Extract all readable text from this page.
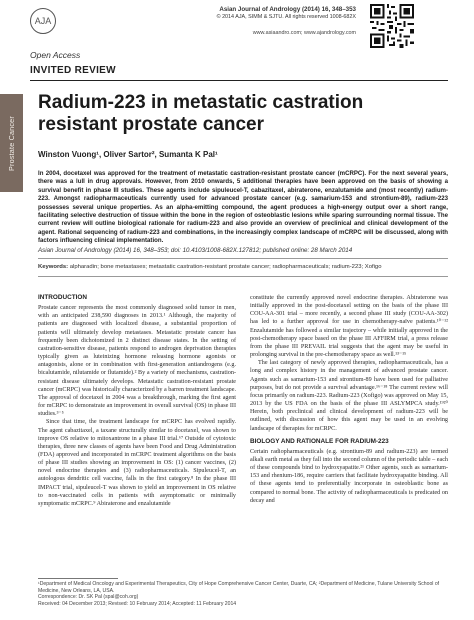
AJA
Asian Journal of Andrology (2014) 16, 348–353
© 2014 AJA, SIMM & SJTU. All rights reserved 1008-682X
www.asiaandro.com; www.ajandrology.com
Open Access
INVITED REVIEW
Prostate Cancer
Radium-223 in metastatic castration resistant prostate cancer
Winston Vuong¹, Oliver Sartor², Sumanta K Pal¹
In 2004, docetaxel was approved for the treatment of metastatic castration-resistant prostate cancer (mCRPC). For the next several years, there was a lull in drug approvals. However, from 2010 onwards, 5 additional therapies have been approved on the basis of showing a survival benefit in phase III studies. These agents include sipuleucel-T, cabazitaxel, abiraterone, enzalutamide and (most recently) radium-223. Amongst radiopharmaceuticals currently used for advanced prostate cancer (e.g. samarium-153 and strontium-89), radium-223 possesses several unique properties. As an alpha-emitting compound, the agent produces a high-energy output over a short range, facilitating selective destruction of tissue within the bone in the region of osteoblastic lesions while sparing surrounding normal tissue. The current review will outline biological rationale for radium-223 and also provide an overview of preclinical and clinical development of the agent. Rational sequencing of radium-223 and combinations, in the increasingly complex landscape of mCRPC will be discussed, along with factors influencing clinical implementation.
Asian Journal of Andrology (2014) 16, 348–353; doi: 10.4103/1008-682X.127812; published online: 28 March 2014
Keywords: alpharadin; bone metastases; metastatic castration-resistant prostate cancer; radiopharmaceuticals; radium-223; Xofigo
INTRODUCTION

Prostate cancer represents the most commonly diagnosed solid tumor in men, with an anticipated 238,590 diagnoses in 2013.¹ Although, the majority of patients are diagnosed with localized disease, a substantial proportion of patients will ultimately develop metastases. Metastatic prostate cancer has frequently been dichotomized in 2 distinct disease states. In the setting of castration-sensitive disease, patients respond to androgen deprivation therapies typically given as luteinizing hormone releasing hormone agonists or antagonists, alone or in combination with first-generation antiandrogens (e.g. bicalutamide, nilutamide or flutamide).² By a variety of mechanisms, castration-resistant disease ultimately develops. Metastatic castration-resistant prostate cancer (mCRPC) was historically characterized by a barren treatment landscape. The approval of docetaxel in 2004 was a breakthrough, marking the first agent for mCRPC to demonstrate an improvement in overall survival (OS) in phase III studies.³⁻⁵

Since that time, the treatment landscape for mCRPC has evolved rapidly. The agent cabazitaxel, a taxane structurally similar to docetaxel, was shown to improve OS relative to mitoxantrone in a phase III trial.⁶⁷ Outside of cytotoxic therapies, three new classes of agents have been Food and Drug Administration (FDA) approved and incorporated in mCRPC treatment algorithms on the basis of phase III studies showing an improvement in OS: (1) cancer vaccines, (2) novel endocrine therapies and (3) radiopharmaceuticals. Sipuleucel-T, an autologous dendritic cell vaccine, falls in the first category.⁸ In the phase III IMPACT trial, sipuleucel-T was shown to yield an improvement in OS relative to non-vaccinated cells in patients with asymptomatic or minimally symptomatic mCRPC.⁹ Abiraterone and enzalutamide

constitute the currently approved novel endocrine therapies. Abiraterone was initially approved in the post-docetaxel setting on the basis of the phase III COU-AA-301 trial – more recently, a second phase III study (COU-AA-302) has led to a further approval for use in chemotherapy-naïve patients.¹⁰⁻¹² Enzalutamide has followed a similar trajectory – while initially approved in the post-chemotherapy space based on the phase III AFFIRM trial, a press release from the phase III PREVAIL trial suggests that the agent may be useful in prolonging survival in the pre-chemotherapy space as well.¹³⁻¹⁵

The last category of newly approved therapies, radiopharmaceuticals, has a long and complex history in the management of advanced prostate cancer. Agents such as samarium-153 and strontium-89 have been used for palliative purposes, but do not provide a survival advantage.¹⁶⁻¹⁸ The current review will focus primarily on radium-223. Radium-223 (Xofigo) was approved on May 15, 2013 by the US FDA on the basis of the phase III ASLYMPCA study.¹⁹²⁰ Herein, both preclinical and clinical development of radium-223 will be outlined, with discussion of how this agent may be used in an evolving landscape of therapies for mCRPC.

BIOLOGY AND RATIONALE FOR RADIUM-223

Certain radiopharmaceuticals (e.g. strontium-89 and radium-223) are termed alkali earth metal as they fall into the second column of the periodic table – each of these compounds bind to hydroxyapatite.²¹ Other agents, such as samarium-153 and rhenium-186, require carriers that facilitate hydroxyapatite binding. All of these agents tend to preferentially incorporate in osteoblastic bone as compared to normal bone. The activity of radiopharmaceuticals is predicated on decay and

¹Department of Medical Oncology and Experimental Therapeutics, City of Hope Comprehensive Cancer Center, Duarte, CA; ²Department of Medicine, Tulane University School of Medicine, New Orleans, LA, USA.
Correspondence: Dr. SK Pal (spal@coh.org)
Received: 04 December 2013; Revised: 10 February 2014; Accepted: 11 February 2014
